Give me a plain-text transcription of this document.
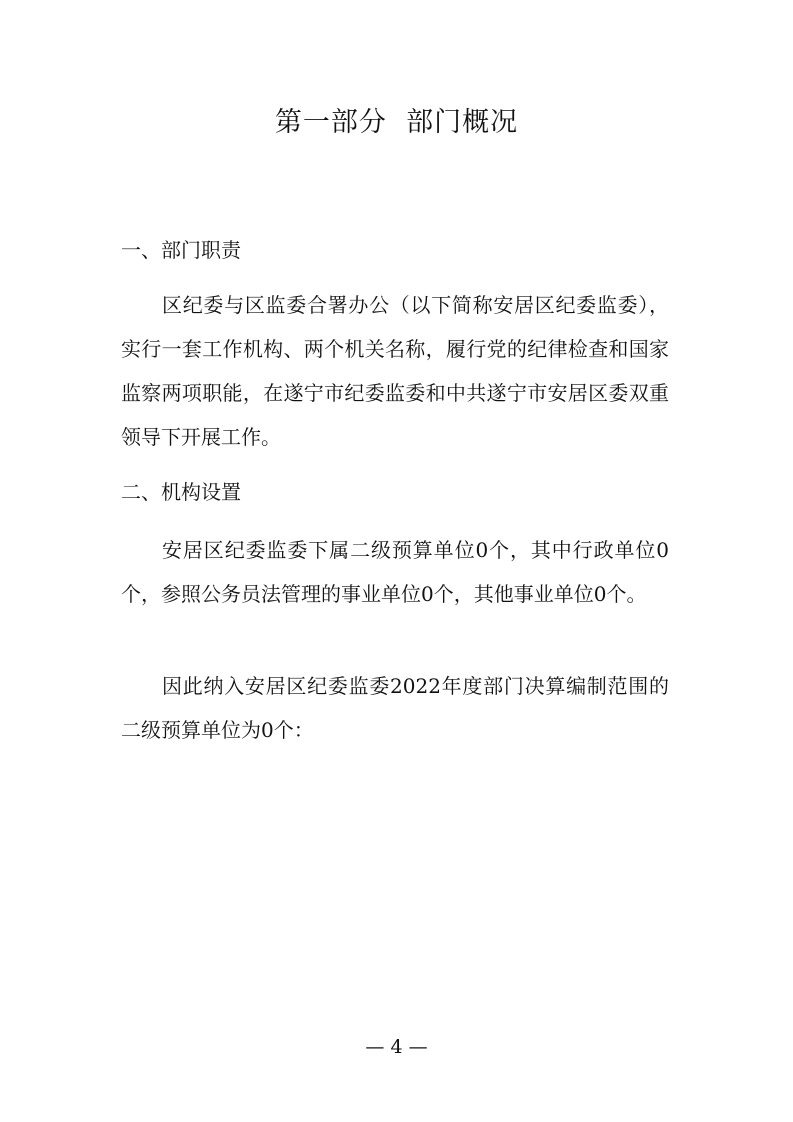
第一部分  部门概况
一、部门职责

区纪委与区监委合署办公（以下简称安居区纪委监委），实行一套工作机构、两个机关名称，履行党的纪律检查和国家监察两项职能，在遂宁市纪委监委和中共遂宁市安居区委双重领导下开展工作。

二、机构设置

安居区纪委监委下属二级预算单位0个，其中行政单位0个，参照公务员法管理的事业单位0个，其他事业单位0个。

因此纳入安居区纪委监委2022年度部门决算编制范围的二级预算单位为0个：

— 4 —
